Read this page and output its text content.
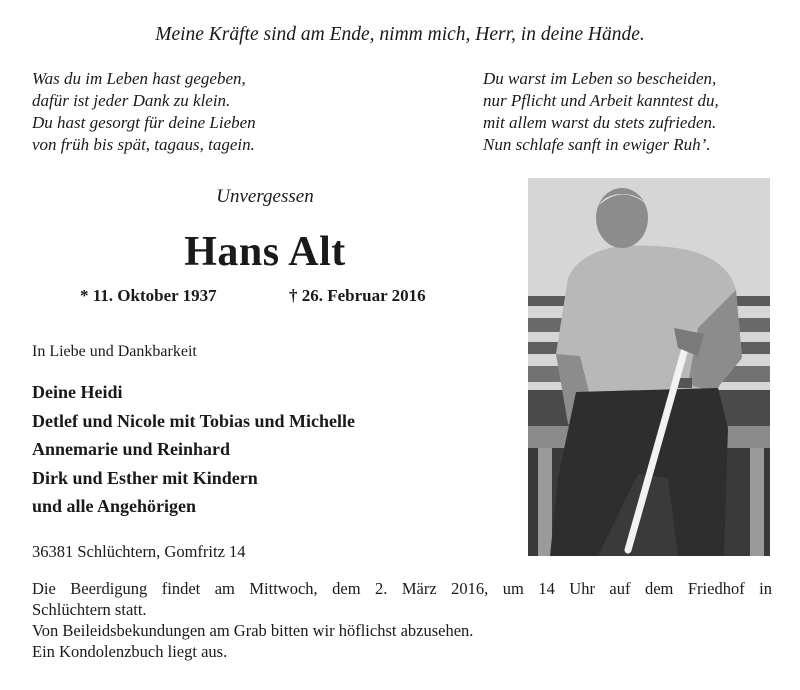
Meine Kräfte sind am Ende, nimm mich, Herr, in deine Hände.
Was du im Leben hast gegeben,
dafür ist jeder Dank zu klein.
Du hast gesorgt für deine Lieben
von früh bis spät, tagaus, tagein.
Du warst im Leben so bescheiden,
nur Pflicht und Arbeit kanntest du,
mit allem warst du stets zufrieden.
Nun schlafe sanft in ewiger Ruh’.
Unvergessen
Hans Alt
* 11. Oktober 1937	† 26. Februar 2016
In Liebe und Dankbarkeit
Deine Heidi
Detlef und Nicole mit Tobias und Michelle
Annemarie und Reinhard
Dirk und Esther mit Kindern
und alle Angehörigen
36381 Schlüchtern, Gomfritz 14
Die Beerdigung findet am Mittwoch, dem 2. März 2016, um 14 Uhr auf dem Friedhof in
Schlüchtern statt.
Von Beileidsbekundungen am Grab bitten wir höflichst abzusehen.
Ein Kondolenzbuch liegt aus.
